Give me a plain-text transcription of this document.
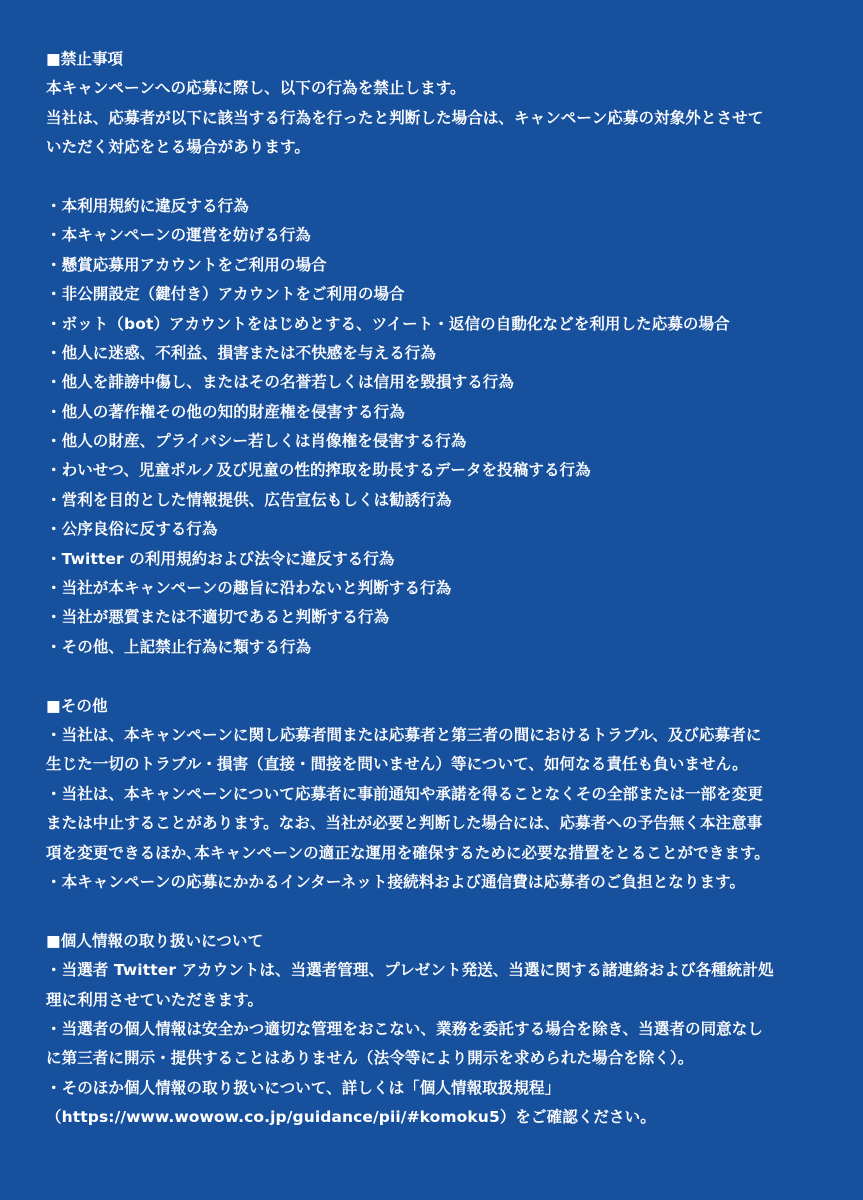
■禁止事項
本キャンペーンへの応募に際し、以下の行為を禁止します。
当社は、応募者が以下に該当する行為を行ったと判断した場合は、キャンペーン応募の対象外とさせて
いただく対応をとる場合があります。
・本利用規約に違反する行為
・本キャンペーンの運営を妨げる行為
・懸賞応募用アカウントをご利用の場合
・非公開設定（鍵付き）アカウントをご利用の場合
・ボット（bot）アカウントをはじめとする、ツイート・返信の自動化などを利用した応募の場合
・他人に迷惑、不利益、損害または不快感を与える行為
・他人を誹謗中傷し、またはその名誉若しくは信用を毀損する行為
・他人の著作権その他の知的財産権を侵害する行為
・他人の財産、プライバシー若しくは肖像権を侵害する行為
・わいせつ、児童ポルノ及び児童の性的搾取を助長するデータを投稿する行為
・営利を目的とした情報提供、広告宣伝もしくは勧誘行為
・公序良俗に反する行為
・Twitter の利用規約および法令に違反する行為
・当社が本キャンペーンの趣旨に沿わないと判断する行為
・当社が悪質または不適切であると判断する行為
・その他、上記禁止行為に類する行為
■その他
・当社は、本キャンペーンに関し応募者間または応募者と第三者の間におけるトラブル、及び応募者に
生じた一切のトラブル・損害（直接・間接を問いません）等について、如何なる責任も負いません。
・当社は、本キャンペーンについて応募者に事前通知や承諾を得ることなくその全部または一部を変更
または中止することがあります。なお、当社が必要と判断した場合には、応募者への予告無く本注意事
項を変更できるほか､本キャンペーンの適正な運用を確保するために必要な措置をとることができます。
・本キャンペーンの応募にかかるインターネット接続料および通信費は応募者のご負担となります。
■個人情報の取り扱いについて
・当選者 Twitter アカウントは、当選者管理、プレゼント発送、当選に関する諸連絡および各種統計処
理に利用させていただきます。
・当選者の個人情報は安全かつ適切な管理をおこない、業務を委託する場合を除き、当選者の同意なし
に第三者に開示・提供することはありません（法令等により開示を求められた場合を除く）。
・そのほか個人情報の取り扱いについて、詳しくは「個人情報取扱規程」
（https://www.wowow.co.jp/guidance/pii/#komoku5）をご確認ください。
